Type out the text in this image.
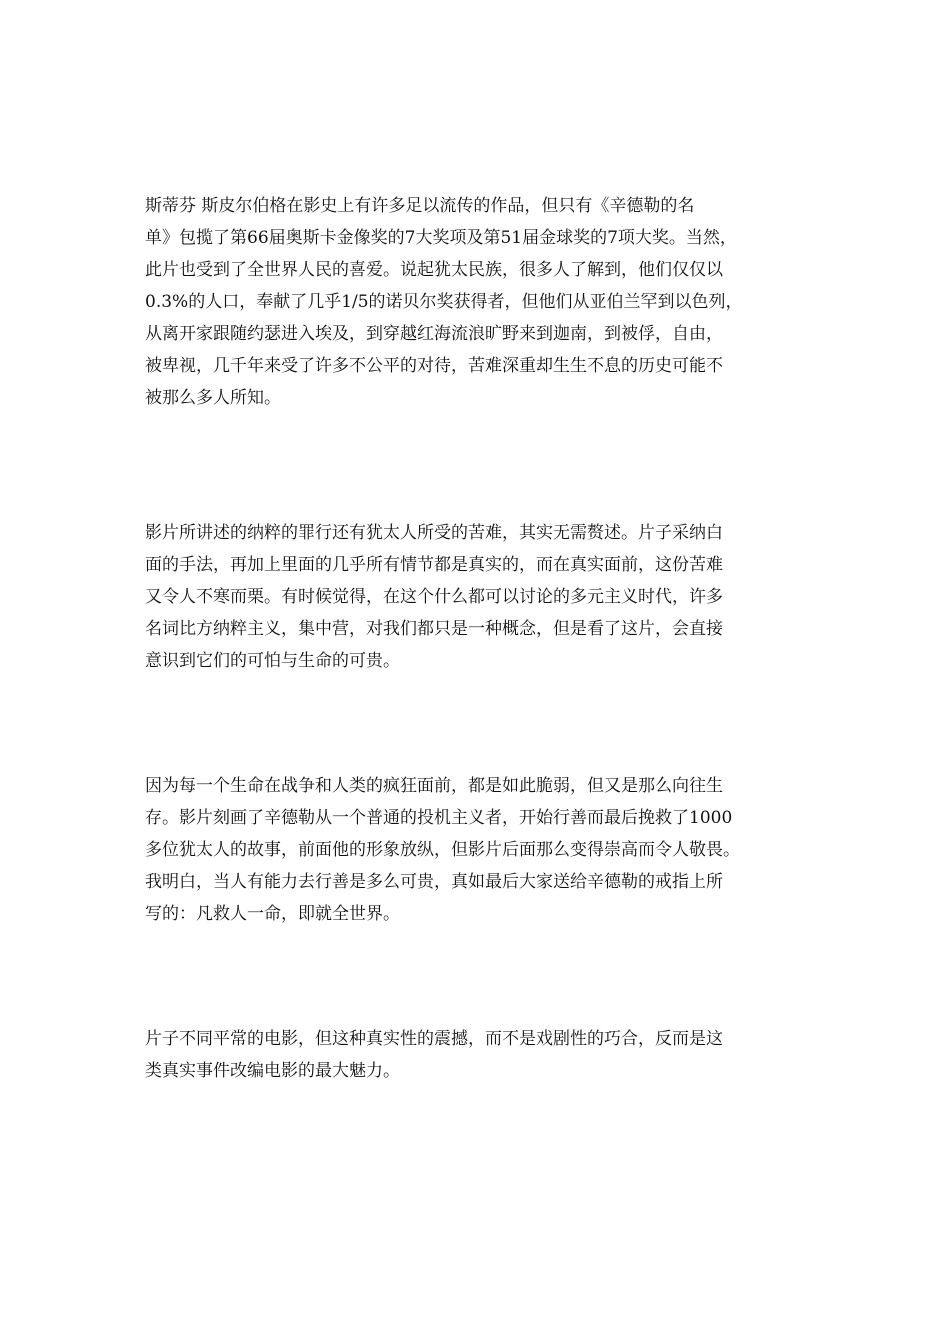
斯蒂芬 斯皮尔伯格在影史上有许多足以流传的作品，但只有《辛德勒的名
单》包揽了第66届奥斯卡金像奖的7大奖项及第51届金球奖的7项大奖。当然，
此片也受到了全世界人民的喜爱。说起犹太民族，很多人了解到，他们仅仅以
0.3%的人口，奉献了几乎1/5的诺贝尔奖获得者，但他们从亚伯兰罕到以色列，
从离开家跟随约瑟进入埃及，到穿越红海流浪旷野来到迦南，到被俘，自由，
被卑视，几千年来受了许多不公平的对待，苦难深重却生生不息的历史可能不
被那么多人所知。

影片所讲述的纳粹的罪行还有犹太人所受的苦难，其实无需赘述。片子采纳白
面的手法，再加上里面的几乎所有情节都是真实的，而在真实面前，这份苦难
又令人不寒而栗。有时候觉得，在这个什么都可以讨论的多元主义时代，许多
名词比方纳粹主义，集中营，对我们都只是一种概念，但是看了这片，会直接
意识到它们的可怕与生命的可贵。

因为每一个生命在战争和人类的疯狂面前，都是如此脆弱，但又是那么向往生
存。影片刻画了辛德勒从一个普通的投机主义者，开始行善而最后挽救了1000
多位犹太人的故事，前面他的形象放纵，但影片后面那么变得崇高而令人敬畏。
我明白，当人有能力去行善是多么可贵，真如最后大家送给辛德勒的戒指上所
写的：凡救人一命，即就全世界。

片子不同平常的电影，但这种真实性的震撼，而不是戏剧性的巧合，反而是这
类真实事件改编电影的最大魅力。
